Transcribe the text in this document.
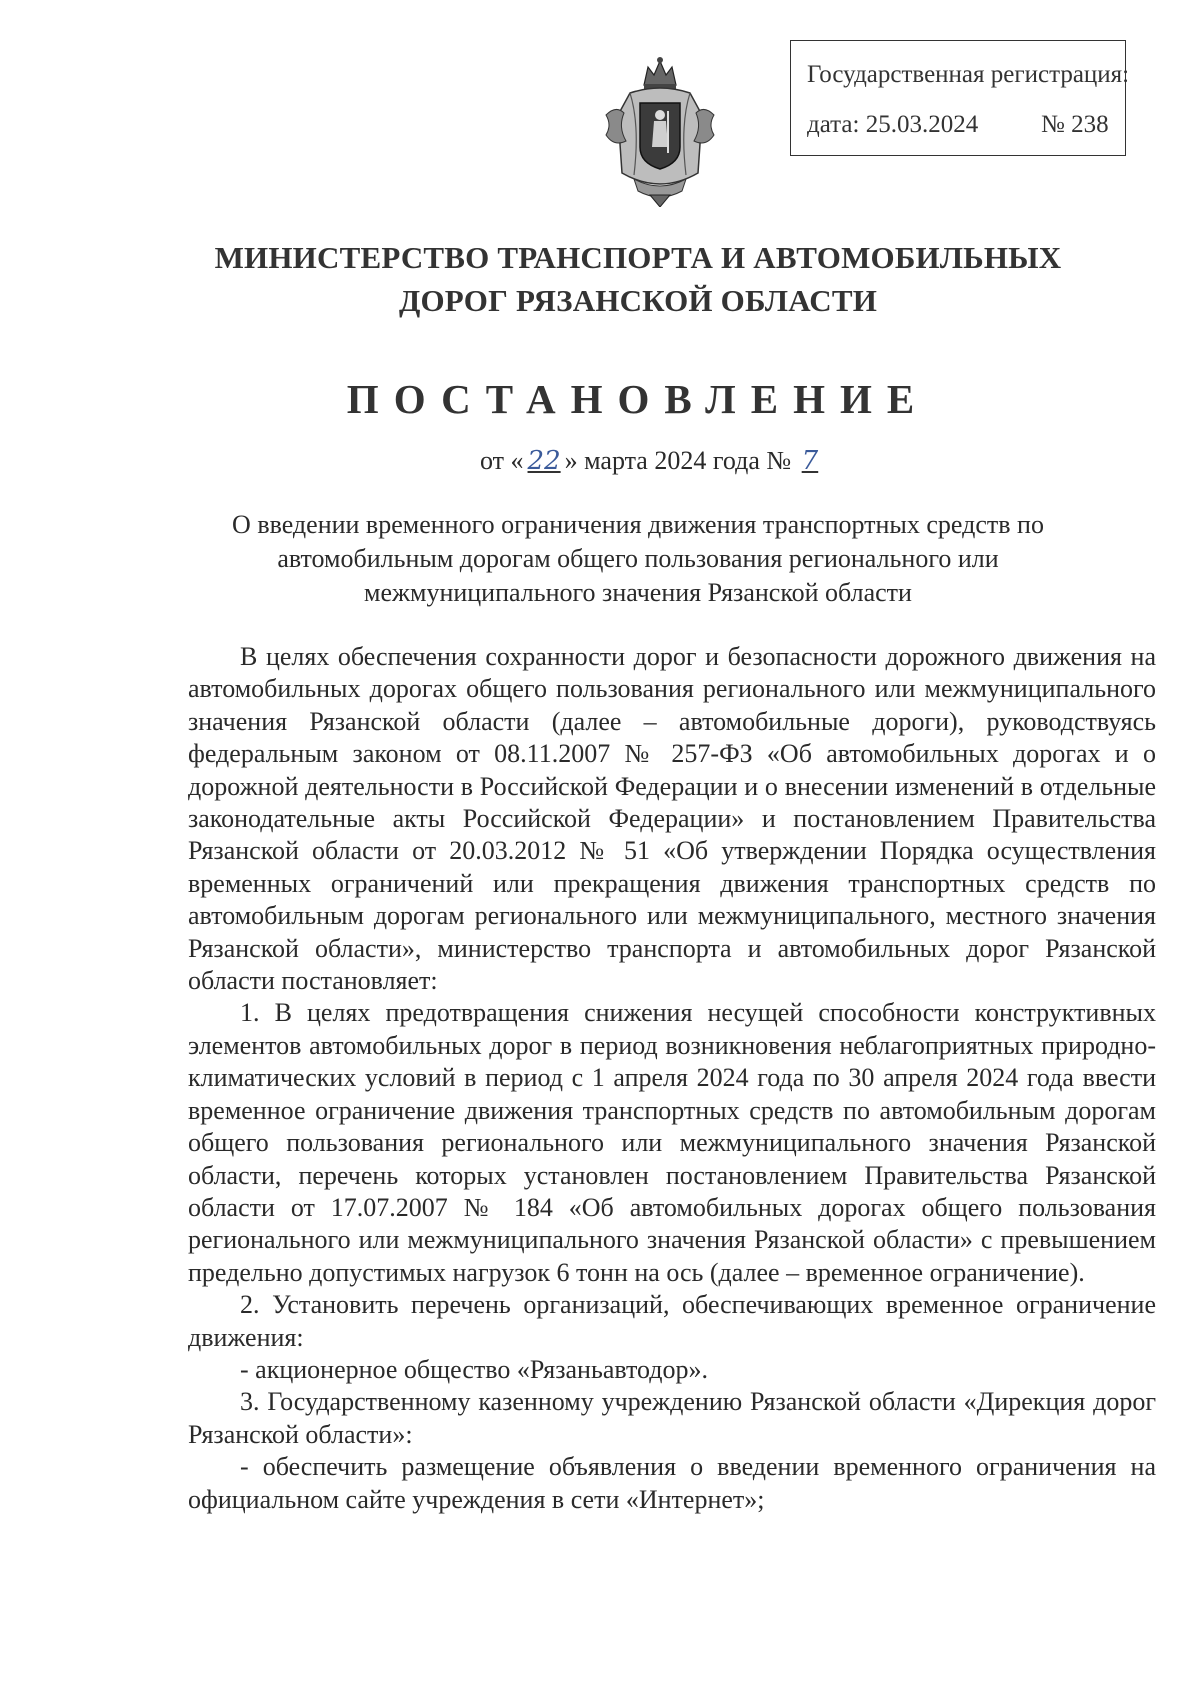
Государственная регистрация:
дата: 25.03.2024	№ 238
МИНИСТЕРСТВО ТРАНСПОРТА И АВТОМОБИЛЬНЫХ
ДОРОГ РЯЗАНСКОЙ ОБЛАСТИ
ПОСТАНОВЛЕНИЕ
от « 22 » марта 2024 года № 7
О введении временного ограничения движения транспортных средств по
автомобильным дорогам общего пользования регионального или
межмуниципального значения Рязанской области

В целях обеспечения сохранности дорог и безопасности дорожного движения на автомобильных дорогах общего пользования регионального или межмуниципального значения Рязанской области (далее – автомобильные дороги), руководствуясь федеральным законом от 08.11.2007 № 257-ФЗ «Об автомобильных дорогах и о дорожной деятельности в Российской Федерации и о внесении изменений в отдельные законодательные акты Российской Федерации» и постановлением Правительства Рязанской области от 20.03.2012 № 51 «Об утверждении Порядка осуществления временных ограничений или прекращения движения транспортных средств по автомобильным дорогам регионального или межмуниципального, местного значения Рязанской области», министерство транспорта и автомобильных дорог Рязанской области постановляет:

1. В целях предотвращения снижения несущей способности конструктивных элементов автомобильных дорог в период возникновения неблагоприятных природно-климатических условий в период с 1 апреля 2024 года по 30 апреля 2024 года ввести временное ограничение движения транспортных средств по автомобильным дорогам общего пользования регионального или межмуниципального значения Рязанской области, перечень которых установлен постановлением Правительства Рязанской области от 17.07.2007 № 184 «Об автомобильных дорогах общего пользования регионального или межмуниципального значения Рязанской области» с превышением предельно допустимых нагрузок 6 тонн на ось (далее – временное ограничение).

2. Установить перечень организаций, обеспечивающих временное ограничение движения:

- акционерное общество «Рязаньавтодор».

3. Государственному казенному учреждению Рязанской области «Дирекция дорог Рязанской области»:

- обеспечить размещение объявления о введении временного ограничения на официальном сайте учреждения в сети «Интернет»;
